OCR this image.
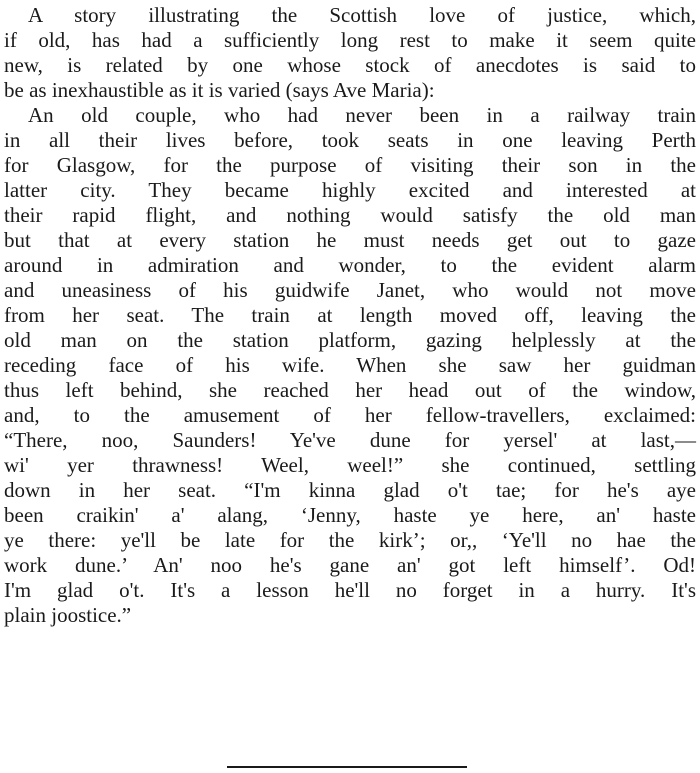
A story illustrating the Scottish love of justice, which,
if old, has had a sufficiently long rest to make it seem quite
new, is related by one whose stock of anecdotes is said to
be as inexhaustible as it is varied (says Ave Maria):
An old couple, who had never been in a railway train
in all their lives before, took seats in one leaving Perth
for Glasgow, for the purpose of visiting their son in the
latter city. They became highly excited and interested at
their rapid flight, and nothing would satisfy the old man
but that at every station he must needs get out to gaze
around in admiration and wonder, to the evident alarm
and uneasiness of his guidwife Janet, who would not move
from her seat. The train at length moved off, leaving the
old man on the station platform, gazing helplessly at the
receding face of his wife. When she saw her guidman
thus left behind, she reached her head out of the window,
and, to the amusement of her fellow-travellers, exclaimed:
“There, noo, Saunders! Ye've dune for yersel' at last,—
wi' yer thrawness! Weel, weel!” she continued, settling
down in her seat. “I'm kinna glad o't tae; for he's aye
been craikin' a' alang, ‘Jenny, haste ye here, an' haste
ye there: ye'll be late for the kirk’; or,, ‘Ye'll no hae the
work dune.’ An' noo he's gane an' got left himself’. Od!
I'm glad o't. It's a lesson he'll no forget in a hurry. It's
plain joostice.”
